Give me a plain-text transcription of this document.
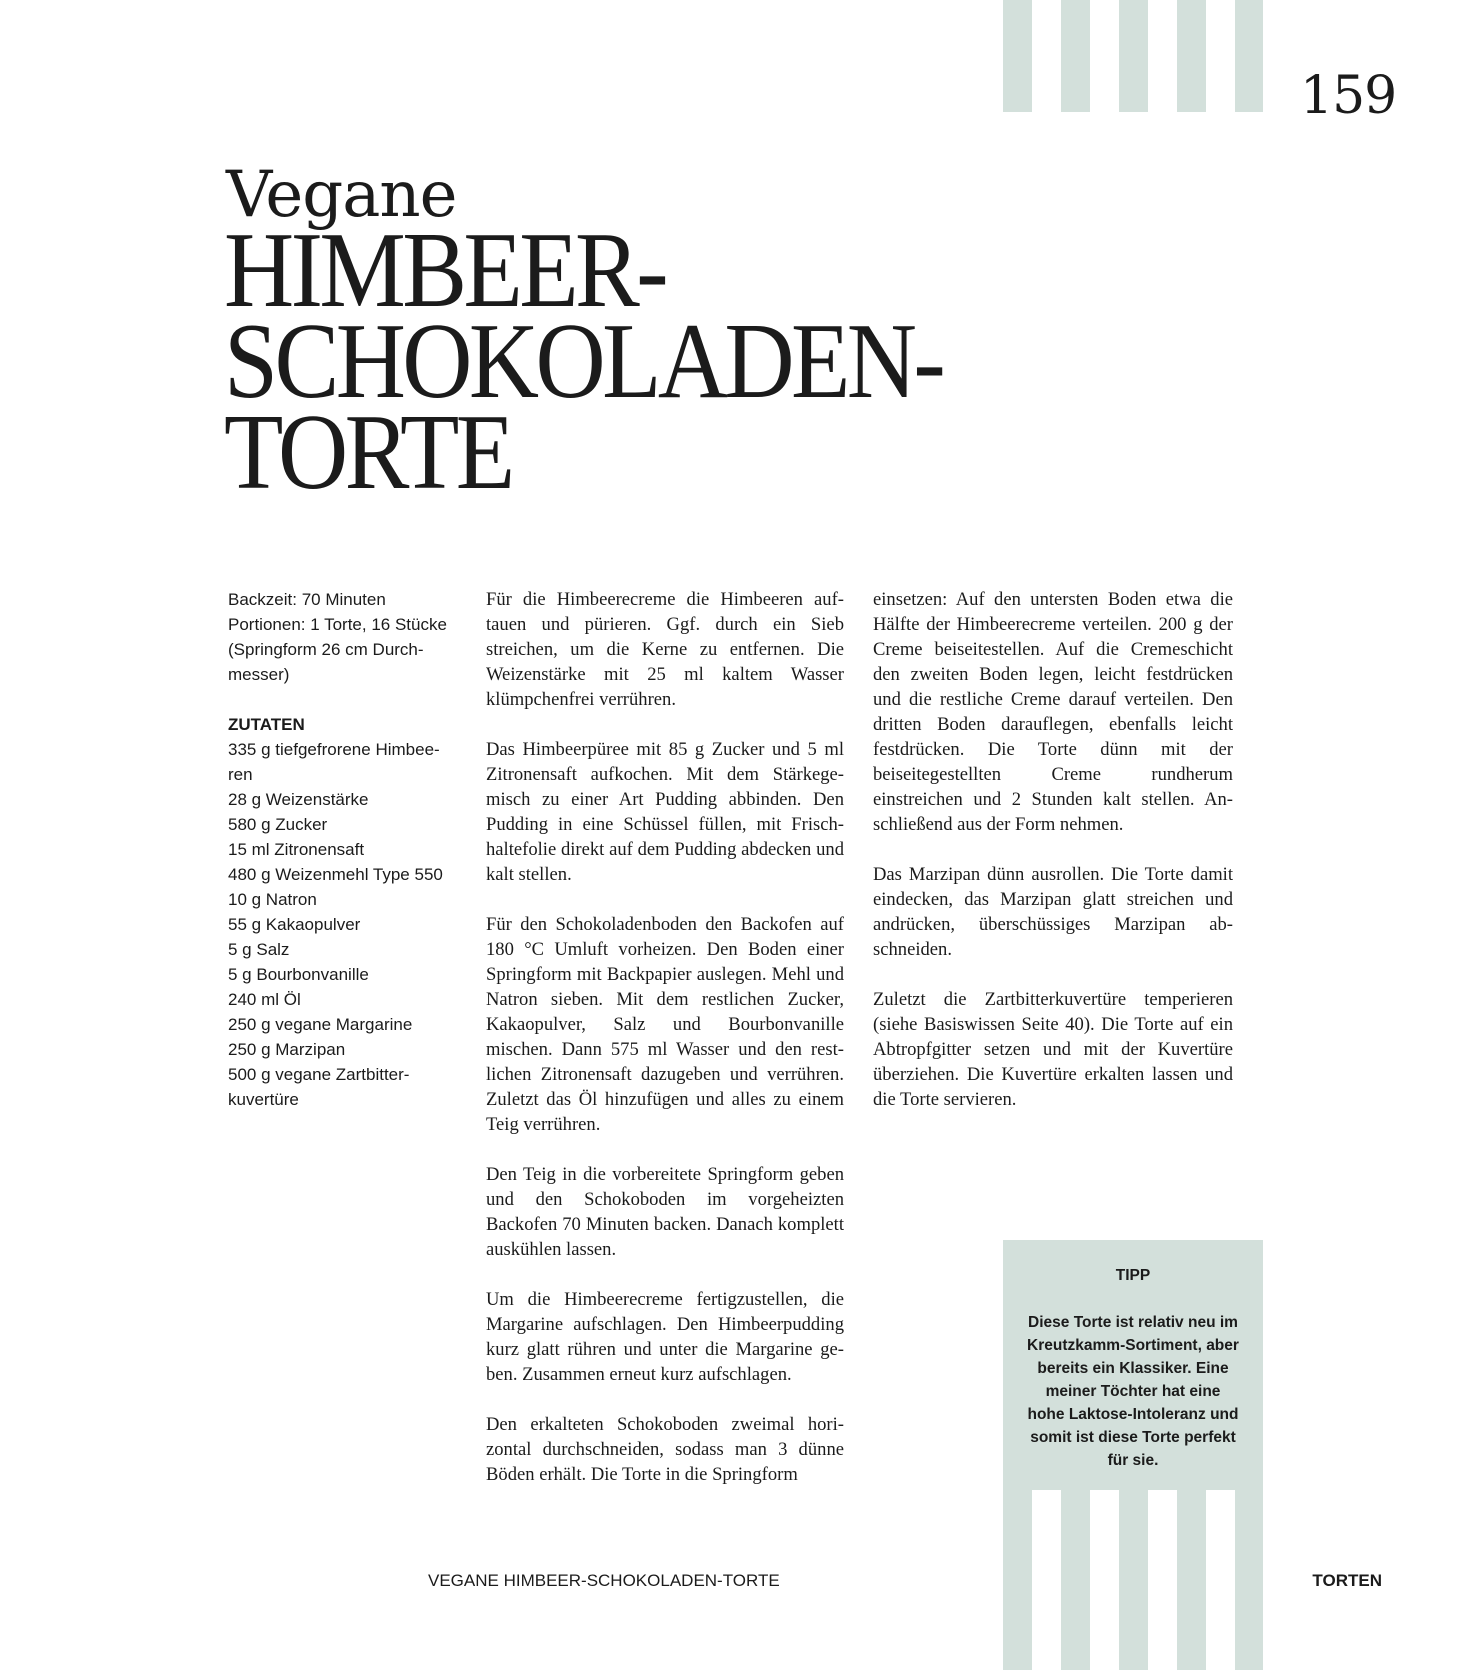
159
Vegane
HIMBEER-
SCHOKOLADEN-
TORTE
Backzeit: 70 Minuten
Portionen: 1 Torte, 16 Stücke (Springform 26 cm Durchmesser)
ZUTATEN
335 g tiefgefrorene Himbeeren
28 g Weizenstärke
580 g Zucker
15 ml Zitronensaft
480 g Weizenmehl Type 550
10 g Natron
55 g Kakaopulver
5 g Salz
5 g Bourbonvanille
240 ml Öl
250 g vegane Margarine
250 g Marzipan
500 g vegane Zartbitterkuvertüre

Für die Himbeerecreme die Himbeeren auftauen und pürieren. Ggf. durch ein Sieb streichen, um die Kerne zu entfernen. Die Weizenstärke mit 25 ml kaltem Wasser klümpchenfrei verrühren.

Das Himbeerpüree mit 85 g Zucker und 5 ml Zitronensaft aufkochen. Mit dem Stärkegemisch zu einer Art Pudding abbinden. Den Pudding in eine Schüssel füllen, mit Frischhaltefolie direkt auf dem Pudding abdecken und kalt stellen.

Für den Schokoladenboden den Backofen auf 180 °C Umluft vorheizen. Den Boden einer Springform mit Backpapier auslegen. Mehl und Natron sieben. Mit dem restlichen Zucker, Kakaopulver, Salz und Bourbonvanille mischen. Dann 575 ml Wasser und den restlichen Zitronensaft dazugeben und verrühren. Zuletzt das Öl hinzufügen und alles zu einem Teig verrühren.

Den Teig in die vorbereitete Springform geben und den Schokoboden im vorgeheizten Backofen 70 Minuten backen. Danach komplett auskühlen lassen.

Um die Himbeerecreme fertigzustellen, die Margarine aufschlagen. Den Himbeerpudding kurz glatt rühren und unter die Margarine geben. Zusammen erneut kurz aufschlagen.

Den erkalteten Schokoboden zweimal horizontal durchschneiden, sodass man 3 dünne Böden erhält. Die Torte in die Springform

einsetzen: Auf den untersten Boden etwa die Hälfte der Himbeerecreme verteilen. 200 g der Creme beiseitestellen. Auf die Cremeschicht den zweiten Boden legen, leicht festdrücken und die restliche Creme darauf verteilen. Den dritten Boden darauflegen, ebenfalls leicht festdrücken. Die Torte dünn mit der beiseitegestellten Creme rundherum einstreichen und 2 Stunden kalt stellen. Anschließend aus der Form nehmen.

Das Marzipan dünn ausrollen. Die Torte damit eindecken, das Marzipan glatt streichen und andrücken, überschüssiges Marzipan abschneiden.

Zuletzt die Zartbitterkuvertüre temperieren (siehe Basiswissen Seite 40). Die Torte auf ein Abtropfgitter setzen und mit der Kuvertüre überziehen. Die Kuvertüre erkalten lassen und die Torte servieren.

TIPP
Diese Torte ist relativ neu im Kreutzkamm-Sortiment, aber bereits ein Klassiker. Eine meiner Töchter hat eine hohe Laktose-Intoleranz und somit ist diese Torte perfekt für sie.
VEGANE HIMBEER-SCHOKOLADEN-TORTE	TORTEN
